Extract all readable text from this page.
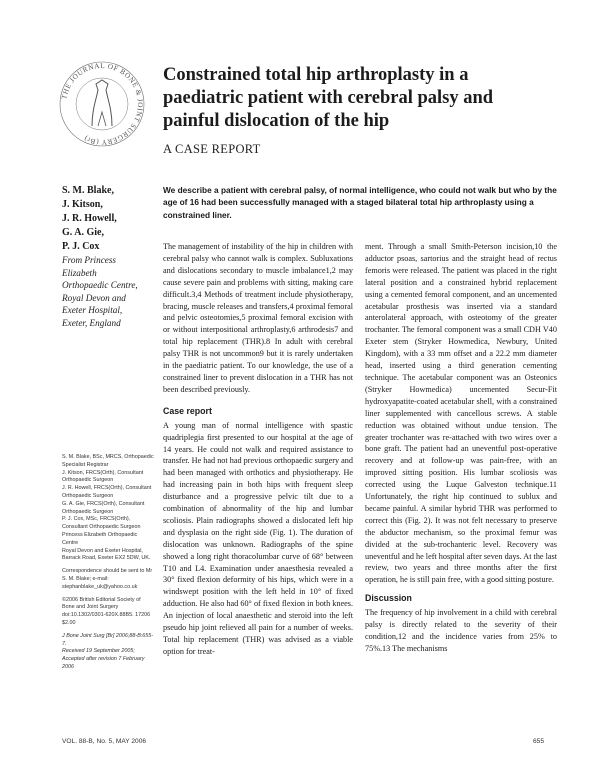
THE JOURNAL OF BONE & JOINT SURGERY (Br)
Constrained total hip arthroplasty in a paediatric patient with cerebral palsy and painful dislocation of the hip
A CASE REPORT
S. M. Blake,
J. Kitson,
J. R. Howell,
G. A. Gie,
P. J. Cox
From Princess
Elizabeth
Orthopaedic Centre,
Royal Devon and
Exeter Hospital,
Exeter, England
We describe a patient with cerebral palsy, of normal intelligence, who could not walk but who by the age of 16 had been successfully managed with a staged bilateral total hip arthroplasty using a constrained liner.

The management of instability of the hip in children with cerebral palsy who cannot walk is complex. Subluxations and dislocations secondary to muscle imbalance1,2 may cause severe pain and problems with sitting, making care difficult.3,4 Methods of treatment include physiotherapy, bracing, muscle releases and transfers,4 proximal femoral and pelvic osteotomies,5 proximal femoral excision with or without interpositional arthroplasty,6 arthrodesis7 and total hip replacement (THR).8 In adult with cerebral palsy THR is not uncommon9 but it is rarely undertaken in the paediatric patient. To our knowledge, the use of a constrained liner to prevent dislocation in a THR has not been described previously.

Case report

A young man of normal intelligence with spastic quadriplegia first presented to our hospital at the age of 14 years. He could not walk and required assistance to transfer. He had not had previous orthopaedic surgery and had been managed with orthotics and physiotherapy. He had increasing pain in both hips with frequent sleep disturbance and a progressive pelvic tilt due to a combination of abnormality of the hip and lumbar scoliosis. Plain radiographs showed a dislocated left hip and dysplasia on the right side (Fig. 1). The duration of dislocation was unknown. Radiographs of the spine showed a long right thoracolumbar curve of 68° between T10 and L4. Examination under anaesthesia revealed a 30° fixed flexion deformity of his hips, which were in a windswept position with the left held in 10° of fixed adduction. He also had 60° of fixed flexion in both knees. An injection of local anaesthetic and steroid into the left pseudo hip joint relieved all pain for a number of weeks. Total hip replacement (THR) was advised as a viable option for treat-

ment. Through a small Smith-Peterson incision,10 the adductor psoas, sartorius and the straight head of rectus femoris were released. The patient was placed in the right lateral position and a constrained hybrid replacement using a cemented femoral component, and an uncemented acetabular prosthesis was inserted via a standard anterolateral approach, with osteotomy of the greater trochanter. The femoral component was a small CDH V40 Exeter stem (Stryker Howmedica, Newbury, United Kingdom), with a 33 mm offset and a 22.2 mm diameter head, inserted using a third generation cementing technique. The acetabular component was an Osteonics (Stryker Howmedica) uncemented Secur-Fit hydroxyapatite-coated acetabular shell, with a constrained liner supplemented with cancellous screws. A stable reduction was obtained without undue tension. The greater trochanter was re-attached with two wires over a bone graft. The patient had an uneventful post-operative recovery and at follow-up was pain-free, with an improved sitting position. His lumbar scoliosis was corrected using the Luque Galveston technique.11 Unfortunately, the right hip continued to sublux and became painful. A similar hybrid THR was performed to correct this (Fig. 2). It was not felt necessary to preserve the abductor mechanism, so the proximal femur was divided at the sub-trochanteric level. Recovery was uneventful and he left hospital after seven days. At the last review, two years and three months after the first operation, he is still pain free, with a good sitting posture.

Discussion

The frequency of hip involvement in a child with cerebral palsy is directly related to the severity of their condition,12 and the incidence varies from 25% to 75%.13 The mechanisms

S. M. Blake, BSc, MRCS, Orthopaedic Specialist Registrar
J. Kitson, FRCS(Orth), Consultant Orthopaedic Surgeon
J. R. Howell, FRCS(Orth), Consultant Orthopaedic Surgeon
G. A. Gie, FRCS(Orth), Consultant Orthopaedic Surgeon
P. J. Cox, MSc, FRCS(Orth), Consultant Orthopaedic Surgeon
Princess Elizabeth Orthopaedic Centre
Royal Devon and Exeter Hospital, Barrack Road, Exeter EX2 5DW, UK.
Correspondence should be sent to Mr S. M. Blake; e-mail: stephanblake_uk@yahoo.co.uk
©2006 British Editorial Society of Bone and Joint Surgery doi:10.1302/0301-620X.88B5. 17206 $2.00
J Bone Joint Surg [Br] 2006;88-B:655-7.
Received 19 September 2005; Accepted after revision 7 February 2006
VOL. 88-B, No. 5, MAY 2006	655
